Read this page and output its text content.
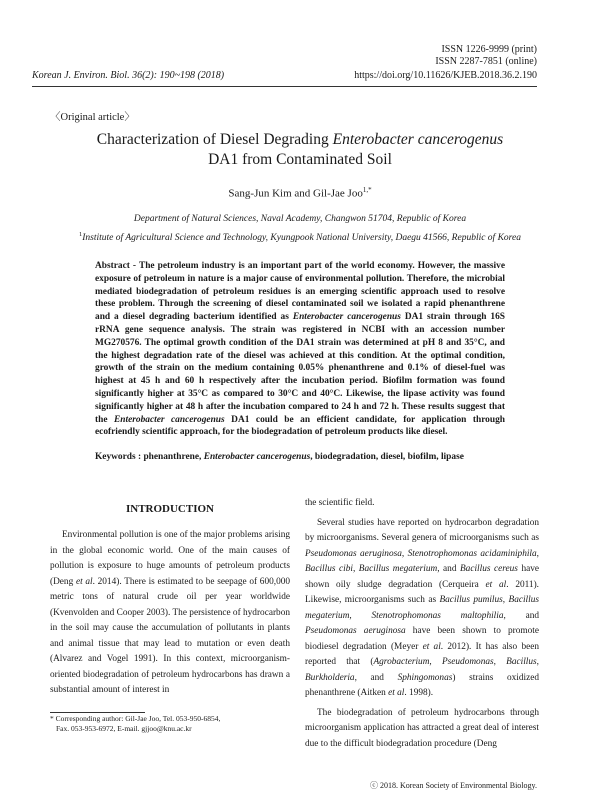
ISSN 1226-9999 (print)
ISSN 2287-7851 (online)
Korean J. Environ. Biol. 36(2): 190~198 (2018)	https://doi.org/10.11626/KJEB.2018.36.2.190
〈Original article〉
Characterization of Diesel Degrading Enterobacter cancerogenus
DA1 from Contaminated Soil
Sang-Jun Kim and Gil-Jae Joo$^{1,*}$
Department of Natural Sciences, Naval Academy, Changwon 51704, Republic of Korea
$^1$Institute of Agricultural Science and Technology, Kyungpook National University, Daegu 41566, Republic of Korea
Abstract - The petroleum industry is an important part of the world economy. However, the massive exposure of petroleum in nature is a major cause of environmental pollution. Therefore, the microbial mediated biodegradation of petroleum residues is an emerging scientific approach used to resolve these problem. Through the screening of diesel contaminated soil we isolated a rapid phenanthrene and a diesel degrading bacterium identified as Enterobacter cancerogenus DA1 strain through 16S rRNA gene sequence analysis. The strain was registered in NCBI with an accession number MG270576. The optimal growth condition of the DA1 strain was determined at pH 8 and 35°C, and the highest degradation rate of the diesel was achieved at this condition. At the optimal condition, growth of the strain on the medium containing 0.05% phenanthrene and 0.1% of diesel-fuel was highest at 45 h and 60 h respectively after the incubation period. Biofilm formation was found significantly higher at 35°C as compared to 30°C and 40°C. Likewise, the lipase activity was found significantly higher at 48 h after the incubation compared to 24 h and 72 h. These results suggest that the Enterobacter cancerogenus DA1 could be an efficient candidate, for application through ecofriendly scientific approach, for the biodegradation of petroleum products like diesel.
Keywords : phenanthrene, Enterobacter cancerogenus, biodegradation, diesel, biofilm, lipase
INTRODUCTION

Environmental pollution is one of the major problems arising in the global economic world. One of the main causes of pollution is exposure to huge amounts of petroleum products (Deng et al. 2014). There is estimated to be seepage of 600,000 metric tons of natural crude oil per year worldwide (Kvenvolden and Cooper 2003). The persistence of hydrocarbon in the soil may cause the accumulation of pollutants in plants and animal tissue that may lead to mutation or even death (Alvarez and Vogel 1991). In this context, microorganism-oriented biodegradation of petroleum hydrocarbons has drawn a substantial amount of interest in

the scientific field.

Several studies have reported on hydrocarbon degradation by microorganisms. Several genera of microorganisms such as Pseudomonas aeruginosa, Stenotrophomonas acidaminiphila, Bacillus cibi, Bacillus megaterium, and Bacillus cereus have shown oily sludge degradation (Cerqueira et al. 2011). Likewise, microorganisms such as Bacillus pumilus, Bacillus megaterium, Stenotrophomonas maltophilia, and Pseudomonas aeruginosa have been shown to promote biodiesel degradation (Meyer et al. 2012). It has also been reported that (Agrobacterium, Pseudomonas, Bacillus, Burkholderia, and Sphingomonas) strains oxidized phenanthrene (Aitken et al. 1998).

The biodegradation of petroleum hydrocarbons through microorganism application has attracted a great deal of interest due to the difficult biodegradation procedure (Deng

* Corresponding author: Gil-Jae Joo, Tel. 053-950-6854,
Fax. 053-953-6972, E-mail. gjjoo@knu.ac.kr
ⓒ 2018. Korean Society of Environmental Biology.
